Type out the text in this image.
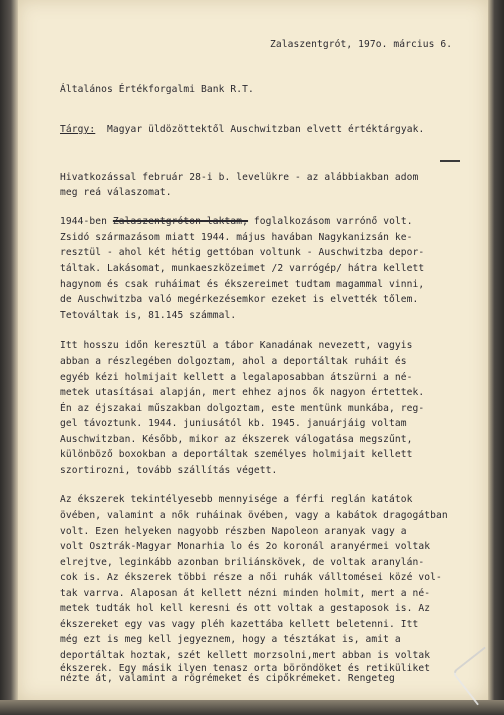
Zalaszentgrót, 197o. március 6.
Általános Értékforgalmi Bank R.T.
Tárgy: Magyar üldözöttektől Auschwitzban elvett értéktárgyak.
Hivatkozással február 28-i b. levelükre - az alábbiakban adom
meg reá válaszomat.
1944-ben Zalaszentgróton laktam, foglalkozásom varrónő volt.
Zsidó származásom miatt 1944. május havában Nagykanizsán ke-
resztül - ahol két hétig gettóban voltunk - Auschwitzba depor-
táltak. Lakásomat, munkaeszközeimet /2 varrógép/ hátra kellett
hagynom és csak ruháimat és ékszereimet tudtam magammal vinni,
de Auschwitzba való megérkezésemkor ezeket is elvették tőlem.
Tetováltak is, 81.145 számmal.
Itt hosszu időn keresztül a tábor Kanadának nevezett, vagyis
abban a részlegében dolgoztam, ahol a deportáltak ruháit és
egyéb kézi holmijait kellett a legalaposabban átszürni a né-
metek utasításai alapján, mert ehhez ajnos ők nagyon értettek.
Én az éjszakai műszakban dolgoztam, este mentünk munkába, reg-
gel távoztunk. 1944. juniusától kb. 1945. januárjáig voltam
Auschwitzban. Később, mikor az ékszerek válogatása megszűnt,
különböző boxokban a deportáltak személyes holmijait kellett
szortirozni, tovább szállítás végett.
Az ékszerek tekintélyesebb mennyisége a férfi reglán katátok
övében, valamint a nők ruháinak övében, vagy a kabátok dragogátban
volt. Ezen helyeken nagyobb részben Napoleon aranyak vagy a
volt Osztrák-Magyar Monarhia lo és 2o koronál aranyérmei voltak
elrejtve, leginkább azonban briliánskövek, de voltak aranylán-
cok is. Az ékszerek többi része a női ruhák válltomései közé vol-
tak varrva. Alaposan át kellett nézni minden holmit, mert a né-
metek tudták hol kell keresni és ott voltak a gestaposok is. Az
ékszereket egy vas vagy pléh kazettába kellett beletenni. Itt
még ezt is meg kell jegyeznem, hogy a tésztákat is, amit a
deportáltak hoztak, szét kellett morzsolni,mert abban is voltak
ékszerek. Egy másik ilyen tenasz orta böröndöket és retiküliket
nézte át, valamint a rögrémeket és cipőkrémeket. Rengeteg
